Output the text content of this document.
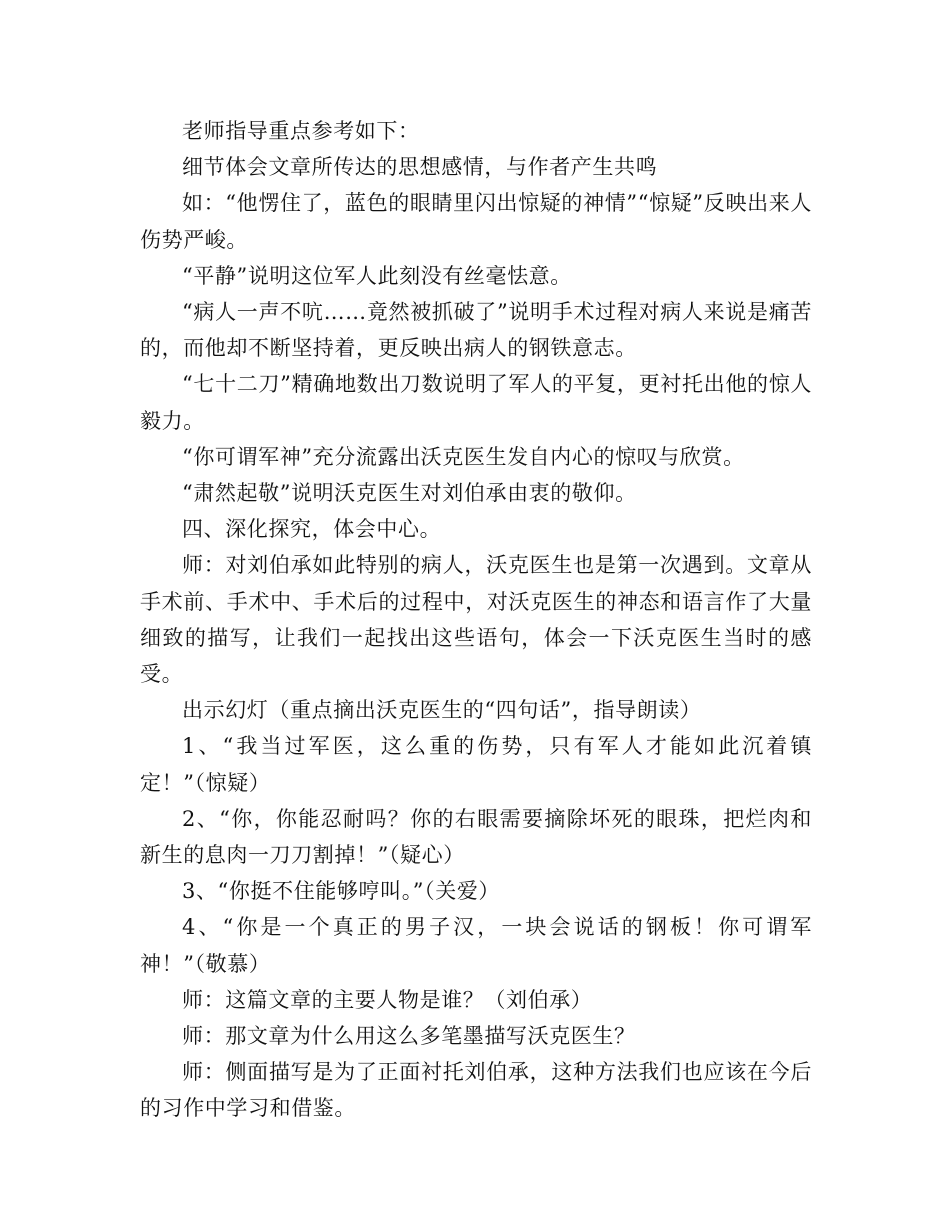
老师指导重点参考如下：

细节体会文章所传达的思想感情，与作者产生共鸣

如：“他愣住了，蓝色的眼睛里闪出惊疑的神情”“惊疑”反映出来人伤势严峻。

“平静”说明这位军人此刻没有丝毫怯意。

“病人一声不吭……竟然被抓破了”说明手术过程对病人来说是痛苦的，而他却不断坚持着，更反映出病人的钢铁意志。

“七十二刀”精确地数出刀数说明了军人的平复，更衬托出他的惊人毅力。

“你可谓军神”充分流露出沃克医生发自内心的惊叹与欣赏。

“肃然起敬”说明沃克医生对刘伯承由衷的敬仰。

四、深化探究，体会中心。

师：对刘伯承如此特别的病人，沃克医生也是第一次遇到。文章从手术前、手术中、手术后的过程中，对沃克医生的神态和语言作了大量细致的描写，让我们一起找出这些语句，体会一下沃克医生当时的感受。

出示幻灯（重点摘出沃克医生的“四句话”，指导朗读）

1、“我当过军医，这么重的伤势，只有军人才能如此沉着镇定！”（惊疑）

2、“你，你能忍耐吗？你的右眼需要摘除坏死的眼珠，把烂肉和新生的息肉一刀刀割掉！”（疑心）

3、“你挺不住能够哼叫。”（关爱）

4、“你是一个真正的男子汉，一块会说话的钢板！你可谓军神！”（敬慕）

师：这篇文章的主要人物是谁？（刘伯承）

师：那文章为什么用这么多笔墨描写沃克医生？

师：侧面描写是为了正面衬托刘伯承，这种方法我们也应该在今后的习作中学习和借鉴。
